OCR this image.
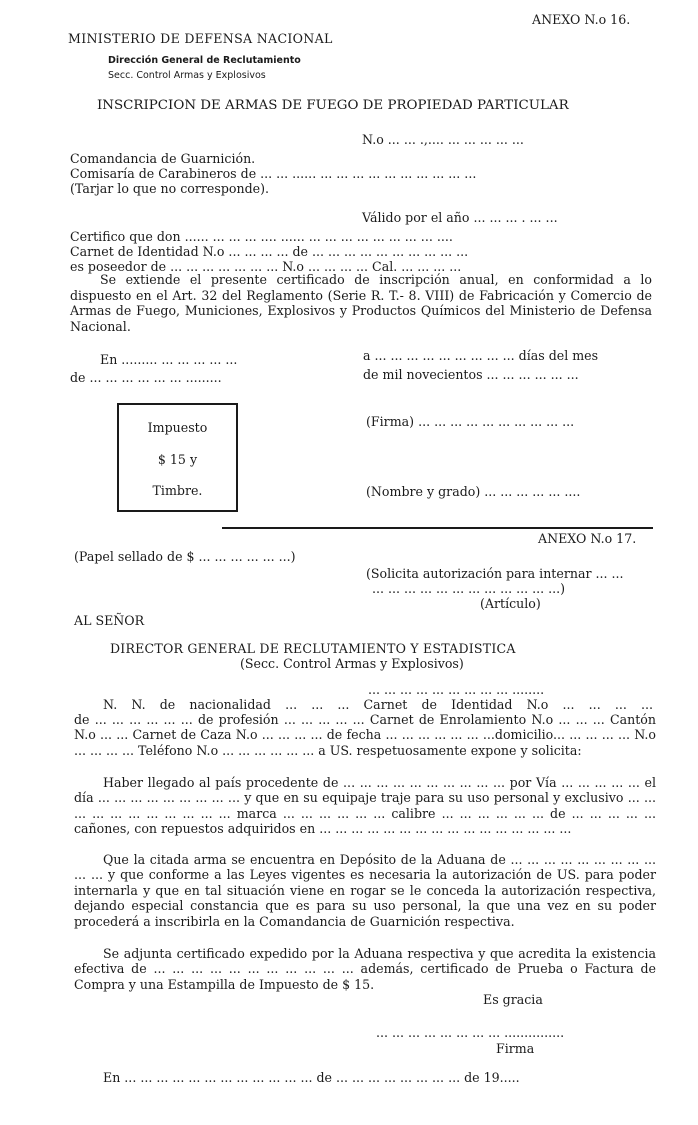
ANEXO N.o 16.
MINISTERIO DE DEFENSA NACIONAL
Dirección General de Reclutamiento
Secc. Control Armas y Explosivos
INSCRIPCION DE ARMAS DE FUEGO DE PROPIEDAD PARTICULAR
N.o ... ... .,.... ... ... ... ... ...
Comandancia de Guarnición.
Comisaría de Carabineros de ... ... ...... ... ... ... ... ... ... ... ... ... ...
(Tarjar lo que no corresponde).
Válido por el año ... ... ... . ... ...
Certifico que don ...... ... ... ... .... ...... ... ... ... ... ... ... ... ... ....
Carnet de Identidad N.o ... ... ... ... de ... ... ... ... ... ... ... ... ... ...
es poseedor de ... ... ... ... ... ... ... N.o ... ... ... ... Cal. ... ... ... ...
Se extiende el presente certificado de inscripción anual, en conformidad a lo
dispuesto en el Art. 32 del Reglamento (Serie R. T.- 8. VIII) de Fabricación y Comercio de Armas de Fuego, Municiones, Explosivos y Productos Químicos del Ministerio de Defensa Nacional.
En ......... ... ... ... ... ...	a ... ... ... ... ... ... ... ... ... días del mes
de ... ... ... ... ... ... .........	de mil novecientos ... ... ... ... ... ...
Impuesto
$ 15 y
Timbre.
(Firma) ... ... ... ... ... ... ... ... ... ...
(Nombre y grado) ... ... ... ... ... ....
ANEXO N.o 17.
(Papel sellado de $ ... ... ... ... ... ...)
(Solicita autorización para internar ... ...
... ... ... ... ... ... ... ... ... ... ... ...)
(Artículo)
AL SEÑOR
DIRECTOR GENERAL DE RECLUTAMIENTO Y ESTADISTICA
(Secc. Control Armas y Explosivos)
... ... ... ... ... ... ... ... ... ........
N. N. de nacionalidad ... ... ... Carnet de Identidad N.o ... ... ... ...
de ... ... ... ... ... ... de profesión ... ... ... ... ... Carnet de Enrolamiento N.o ... ... ... Cantón N.o ... ... Carnet de Caza N.o ... ... ... ... de fecha ... ... ... ... ... ... ...domicilio... ... ... ... ... N.o ... ... ... ... Teléfono N.o ... ... ... ... ... ... a US. respetuosamente expone y solicita:
Haber llegado al país procedente de ... ... ... ... ... ... ... ... ... ... por Vía ... ... ... ... ... el día ... ... ... ... ... ... ... ... ... y que en su equipaje traje para su uso personal y exclusivo ... ... ... ... ... ... ... ... ... ... ... marca ... ... ... ... ... ... calibre ... ... ... ... ... ... de ... ... ... ... ... cañones, con repuestos adquiridos en ... ... ... ... ... ... ... ... ... ... ... ... ... ... ... ...
Que la citada arma se encuentra en Depósito de la Aduana de ... ... ... ... ... ... ... ... ... ... ... y que conforme a las Leyes vigentes es necesaria la autorización de US. para poder internarla y que en tal situación viene en rogar se le conceda la autorización respectiva, dejando especial constancia que es para su uso personal, la que una vez en su poder procederá a inscribirla en la Comandancia de Guarnición respectiva.
Se adjunta certificado expedido por la Aduana respectiva y que acredita la existencia efectiva de ... ... ... ... ... ... ... ... ... ... ... además, certificado de Prueba o Factura de Compra y una Estampilla de Impuesto de $ 15.
Es gracia
... ... ... ... ... ... ... ... ...............
Firma
En ... ... ... ... ... ... ... ... ... ... ... ... de ... ... ... ... ... ... ... ... de 19.....
